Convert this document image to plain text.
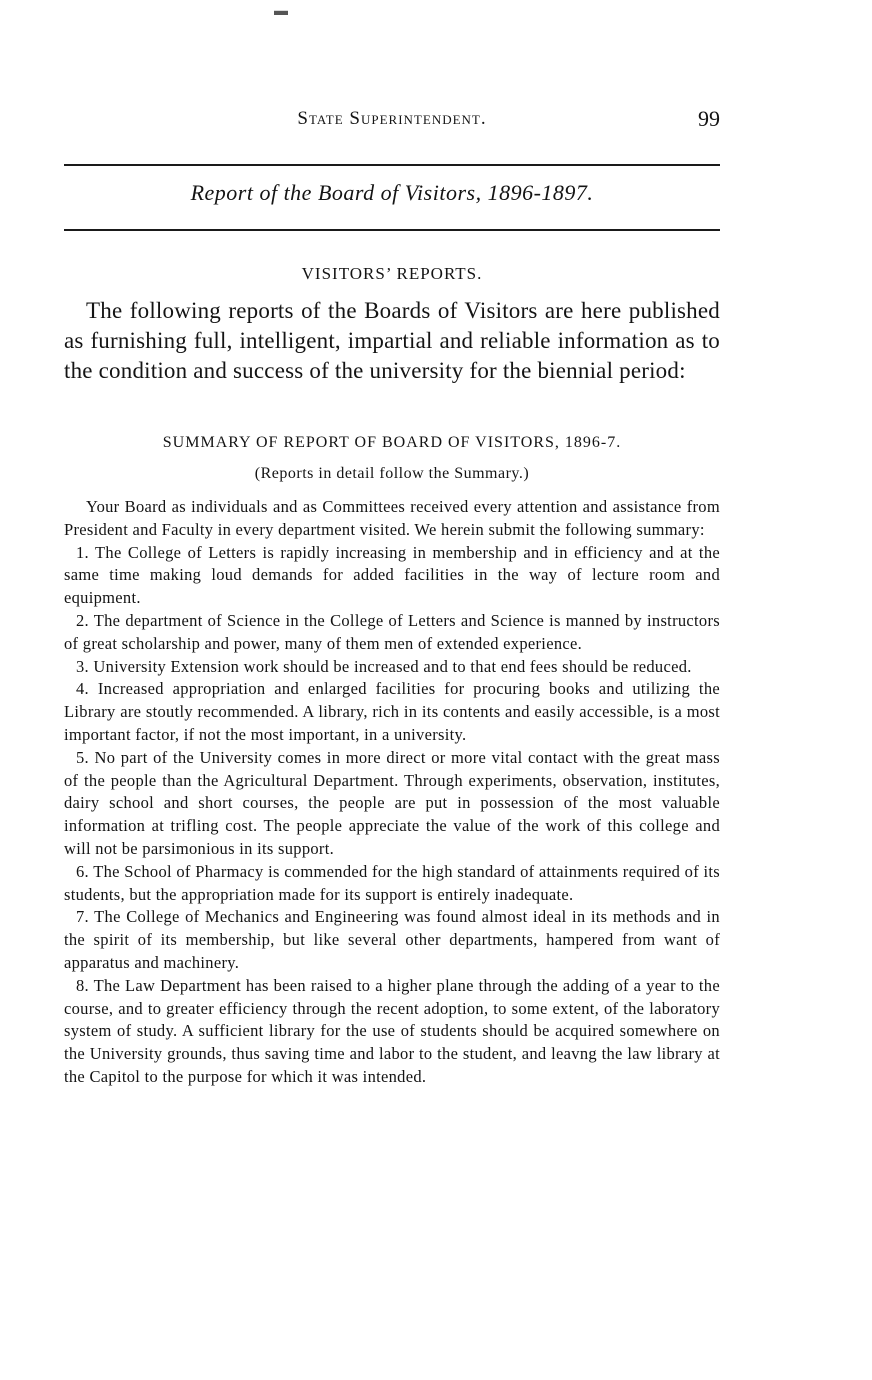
State Superintendent.	99
Report of the Board of Visitors, 1896-1897.
VISITORS’ REPORTS.

The following reports of the Boards of Visitors are here published as furnishing full, intelligent, impartial and reliable information as to the condition and success of the university for the biennial period:

SUMMARY OF REPORT OF BOARD OF VISITORS, 1896-7.
(Reports in detail follow the Summary.)

Your Board as individuals and as Committees received every attention and assistance from President and Faculty in every department visited. We herein submit the following summary:

1. The College of Letters is rapidly increasing in membership and in efficiency and at the same time making loud demands for added facilities in the way of lecture room and equipment.

2. The department of Science in the College of Letters and Science is manned by instructors of great scholarship and power, many of them men of extended experience.

3. University Extension work should be increased and to that end fees should be reduced.

4. Increased appropriation and enlarged facilities for procuring books and utilizing the Library are stoutly recommended. A library, rich in its contents and easily accessible, is a most important factor, if not the most important, in a university.

5. No part of the University comes in more direct or more vital contact with the great mass of the people than the Agricultural Department. Through experiments, observation, institutes, dairy school and short courses, the people are put in possession of the most valuable information at trifling cost. The people appreciate the value of the work of this college and will not be parsimonious in its support.

6. The School of Pharmacy is commended for the high standard of attainments required of its students, but the appropriation made for its support is entirely inadequate.

7. The College of Mechanics and Engineering was found almost ideal in its methods and in the spirit of its membership, but like several other departments, hampered from want of apparatus and machinery.

8. The Law Department has been raised to a higher plane through the adding of a year to the course, and to greater efficiency through the recent adoption, to some extent, of the laboratory system of study. A sufficient library for the use of students should be acquired somewhere on the University grounds, thus saving time and labor to the student, and leavng the law library at the Capitol to the purpose for which it was intended.

▬
